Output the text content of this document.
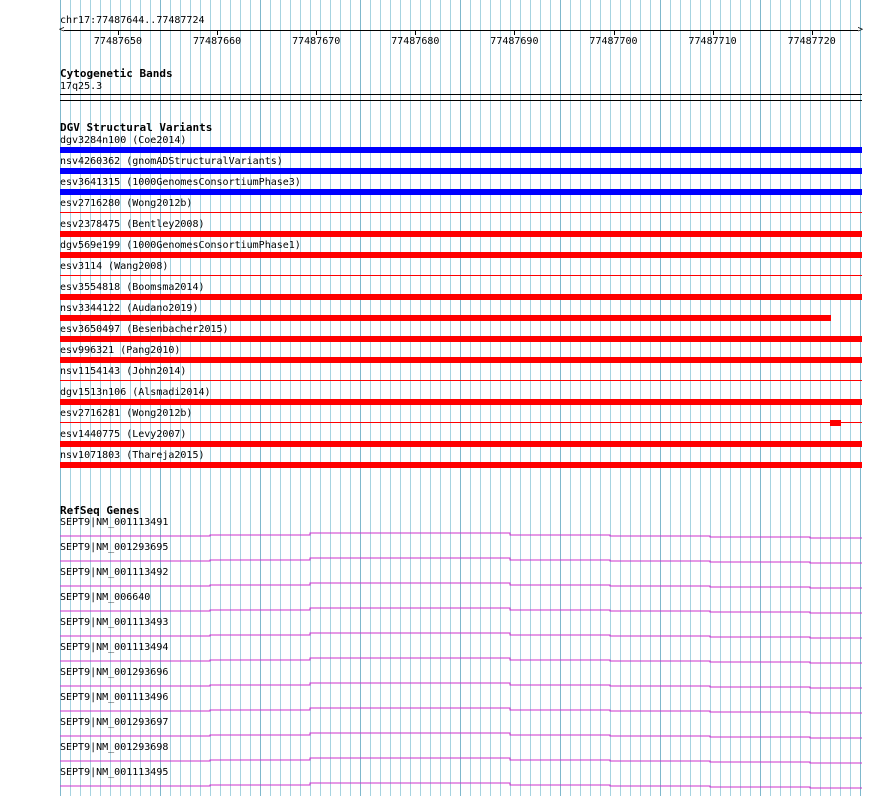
chr17:77487644..77487724
<	>
77487650	77487660	77487670	77487680	77487690	77487700	77487710	77487720
Cytogenetic Bands
17q25.3
DGV Structural Variants
dgv3284n100 (Coe2014)
nsv4260362 (gnomADStructuralVariants)
esv3641315 (1000GenomesConsortiumPhase3)
esv2716280 (Wong2012b)
esv2378475 (Bentley2008)
dgv569e199 (1000GenomesConsortiumPhase1)
esv3114 (Wang2008)
esv3554818 (Boomsma2014)
nsv3344122 (Audano2019)
esv3650497 (Besenbacher2015)
esv996321 (Pang2010)
nsv1154143 (John2014)
dgv1513n106 (Alsmadi2014)
esv2716281 (Wong2012b)
esv1440775 (Levy2007)
nsv1071803 (Thareja2015)
RefSeq Genes
SEPT9|NM_001113491
SEPT9|NM_001293695
SEPT9|NM_001113492
SEPT9|NM_006640
SEPT9|NM_001113493
SEPT9|NM_001113494
SEPT9|NM_001293696
SEPT9|NM_001113496
SEPT9|NM_001293697
SEPT9|NM_001293698
SEPT9|NM_001113495
